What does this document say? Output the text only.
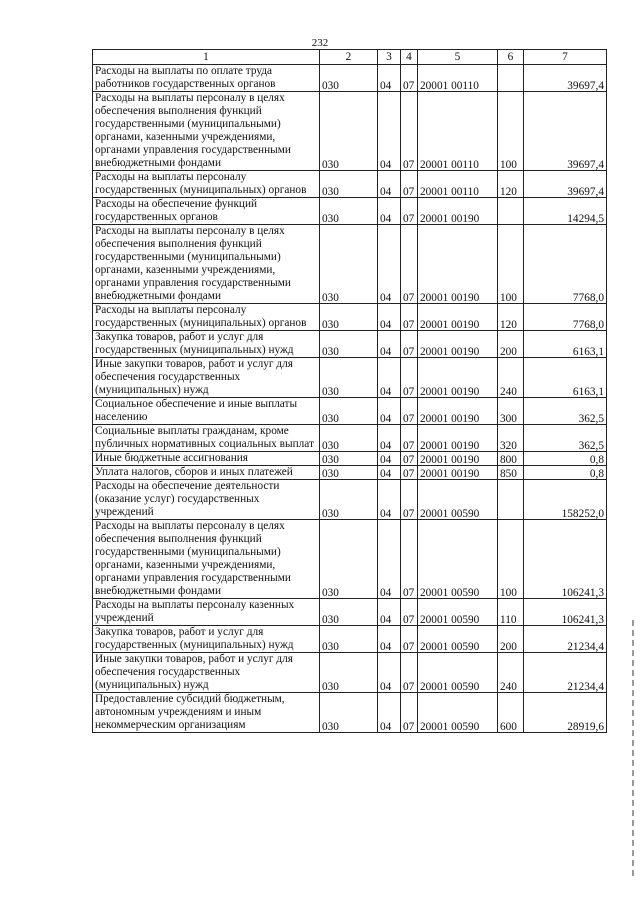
232
1	2	3	4	5	6	7
Расходы на выплаты по оплате труда работников государственных органов	030	04	07	20001 00110		39697,4
Расходы на выплаты персоналу в целях обеспечения выполнения функций государственными (муниципальными) органами, казенными учреждениями, органами управления государственными внебюджетными фондами	030	04	07	20001 00110	100	39697,4
Расходы на выплаты персоналу государственных (муниципальных) органов	030	04	07	20001 00110	120	39697,4
Расходы на обеспечение функций государственных органов	030	04	07	20001 00190		14294,5
Расходы на выплаты персоналу в целях обеспечения выполнения функций государственными (муниципальными) органами, казенными учреждениями, органами управления государственными внебюджетными фондами	030	04	07	20001 00190	100	7768,0
Расходы на выплаты персоналу государственных (муниципальных) органов	030	04	07	20001 00190	120	7768,0
Закупка товаров, работ и услуг для государственных (муниципальных) нужд	030	04	07	20001 00190	200	6163,1
Иные закупки товаров, работ и услуг для обеспечения государственных (муниципальных) нужд	030	04	07	20001 00190	240	6163,1
Социальное обеспечение и иные выплаты населению	030	04	07	20001 00190	300	362,5
Социальные выплаты гражданам, кроме публичных нормативных социальных выплат	030	04	07	20001 00190	320	362,5
Иные бюджетные ассигнования	030	04	07	20001 00190	800	0,8
Уплата налогов, сборов и иных платежей	030	04	07	20001 00190	850	0,8
Расходы на обеспечение деятельности (оказание услуг) государственных учреждений	030	04	07	20001 00590		158252,0
Расходы на выплаты персоналу в целях обеспечения выполнения функций государственными (муниципальными) органами, казенными учреждениями, органами управления государственными внебюджетными фондами	030	04	07	20001 00590	100	106241,3
Расходы на выплаты персоналу казенных учреждений	030	04	07	20001 00590	110	106241,3
Закупка товаров, работ и услуг для государственных (муниципальных) нужд	030	04	07	20001 00590	200	21234,4
Иные закупки товаров, работ и услуг для обеспечения государственных (муниципальных) нужд	030	04	07	20001 00590	240	21234,4
Предоставление субсидий бюджетным, автономным учреждениям и иным некоммерческим организациям	030	04	07	20001 00590	600	28919,6
